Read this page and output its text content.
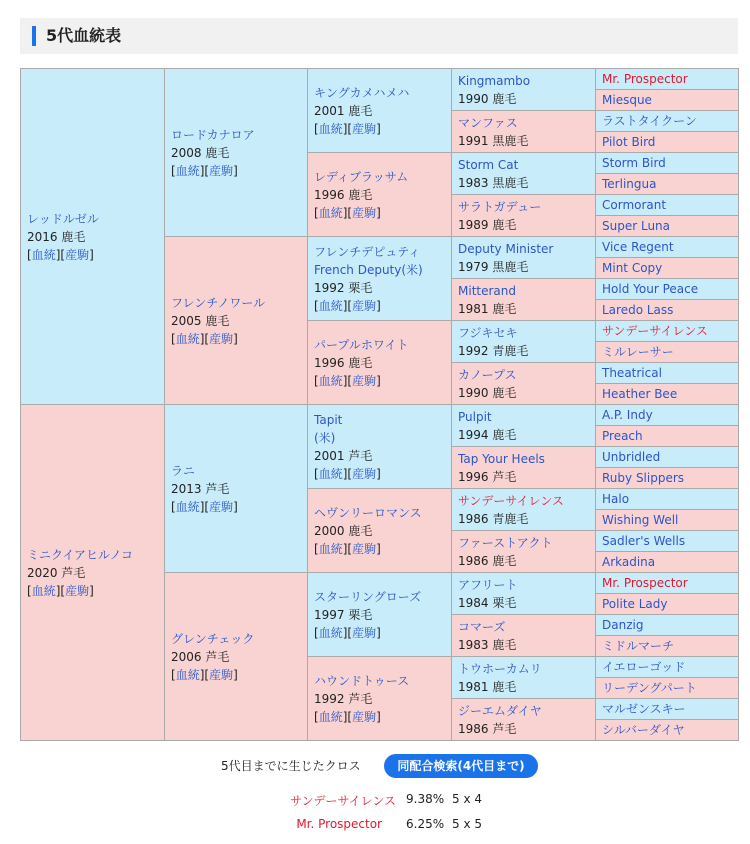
5代血統表
レッドルゼル
2016 鹿毛
[血統][産駒]	ロードカナロア
2008 鹿毛
[血統][産駒]	キングカメハメハ
2001 鹿毛
[血統][産駒]	Kingmambo
1990 鹿毛	Mr. Prospector

				Miesque

			マンファス
1991 黒鹿毛	ラストタイクーン

				Pilot Bird

		レディブラッサム
1996 鹿毛
[血統][産駒]	Storm Cat
1983 黒鹿毛	Storm Bird

				Terlingua

			サラトガデュー
1989 鹿毛	Cormorant

				Super Luna

	フレンチノワール
2005 鹿毛
[血統][産駒]	フレンチデピュティ
French Deputy(米)
1992 栗毛
[血統][産駒]	Deputy Minister
1979 黒鹿毛	Vice Regent

				Mint Copy

			Mitterand
1981 鹿毛	Hold Your Peace

				Laredo Lass

		パープルホワイト
1996 鹿毛
[血統][産駒]	フジキセキ
1992 青鹿毛	サンデーサイレンス

				ミルレーサー

			カノープス
1990 鹿毛	Theatrical

				Heather Bee

ミニクイアヒルノコ
2020 芦毛
[血統][産駒]	ラニ
2013 芦毛
[血統][産駒]	Tapit
(米)
2001 芦毛
[血統][産駒]	Pulpit
1994 鹿毛	A.P. Indy

				Preach

			Tap Your Heels
1996 芦毛	Unbridled

				Ruby Slippers

		ヘヴンリーロマンス
2000 鹿毛
[血統][産駒]	サンデーサイレンス
1986 青鹿毛	Halo

				Wishing Well

			ファーストアクト
1986 鹿毛	Sadler's Wells

				Arkadina

	グレンチェック
2006 芦毛
[血統][産駒]	スターリングローズ
1997 栗毛
[血統][産駒]	アフリート
1984 栗毛	Mr. Prospector

				Polite Lady

			コマーズ
1983 鹿毛	Danzig

				ミドルマーチ

		ハウンドトゥース
1992 芦毛
[血統][産駒]	トウホーカムリ
1981 鹿毛	イエローゴッド

				リーデングパート

			ジーエムダイヤ
1986 芦毛	マルゼンスキー

				シルバーダイヤ
5代目までに生じたクロス	同配合検索(4代目まで)
サンデーサイレンス 9.38% 5 x 4
Mr. Prospector 6.25% 5 x 5
